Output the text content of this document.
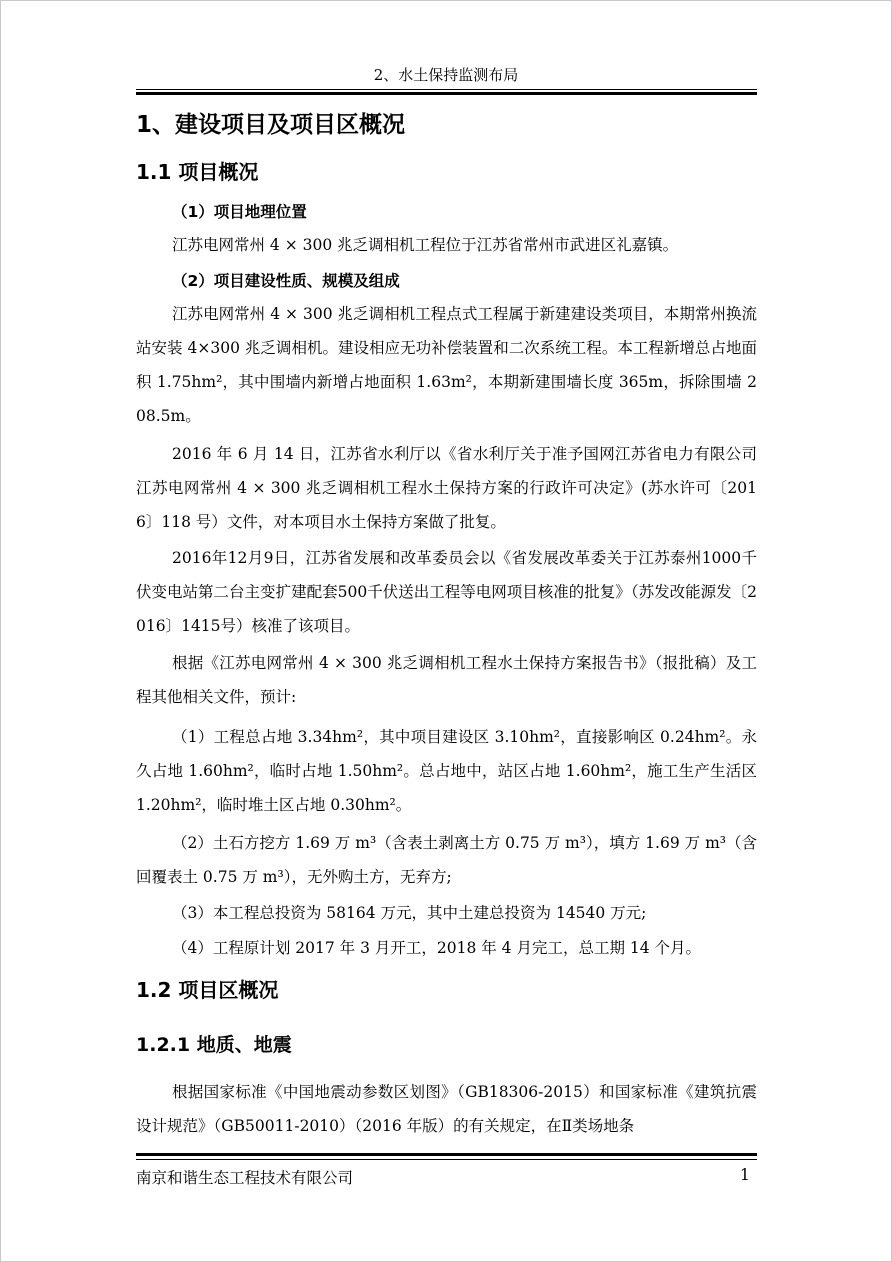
2、水土保持监测布局
1、建设项目及项目区概况
1.1 项目概况
（1）项目地理位置
江苏电网常州 4 × 300 兆乏调相机工程位于江苏省常州市武进区礼嘉镇。
（2）项目建设性质、规模及组成
江苏电网常州 4 × 300 兆乏调相机工程点式工程属于新建建设类项目，本期常州换流站安装 4×300 兆乏调相机。建设相应无功补偿装置和二次系统工程。本工程新增总占地面积 1.75hm²，其中围墙内新增占地面积 1.63m²，本期新建围墙长度 365m，拆除围墙 208.5m。
2016 年 6 月 14 日，江苏省水利厅以《省水利厅关于准予国网江苏省电力有限公司江苏电网常州 4 × 300 兆乏调相机工程水土保持方案的行政许可决定》(苏水许可〔2016〕118 号）文件，对本项目水土保持方案做了批复。
2016年12月9日，江苏省发展和改革委员会以《省发展改革委关于江苏泰州1000千伏变电站第二台主变扩建配套500千伏送出工程等电网项目核准的批复》（苏发改能源发〔2016〕1415号）核准了该项目。
根据《江苏电网常州 4 × 300 兆乏调相机工程水土保持方案报告书》（报批稿）及工程其他相关文件，预计:
（1）工程总占地 3.34hm²，其中项目建设区 3.10hm²，直接影响区 0.24hm²。永久占地 1.60hm²，临时占地 1.50hm²。总占地中，站区占地 1.60hm²，施工生产生活区 1.20hm²，临时堆土区占地 0.30hm²。
（2）土石方挖方 1.69 万 m³（含表土剥离土方 0.75 万 m³），填方 1.69 万 m³（含回覆表土 0.75 万 m³），无外购土方，无弃方;
（3）本工程总投资为 58164 万元，其中土建总投资为 14540 万元;
（4）工程原计划 2017 年 3 月开工，2018 年 4 月完工，总工期 14 个月。
1.2 项目区概况
1.2.1 地质、地震
根据国家标准《中国地震动参数区划图》（GB18306-2015）和国家标准《建筑抗震设计规范》（GB50011-2010）（2016 年版）的有关规定，在Ⅱ类场地条
南京和谐生态工程技术有限公司	1
